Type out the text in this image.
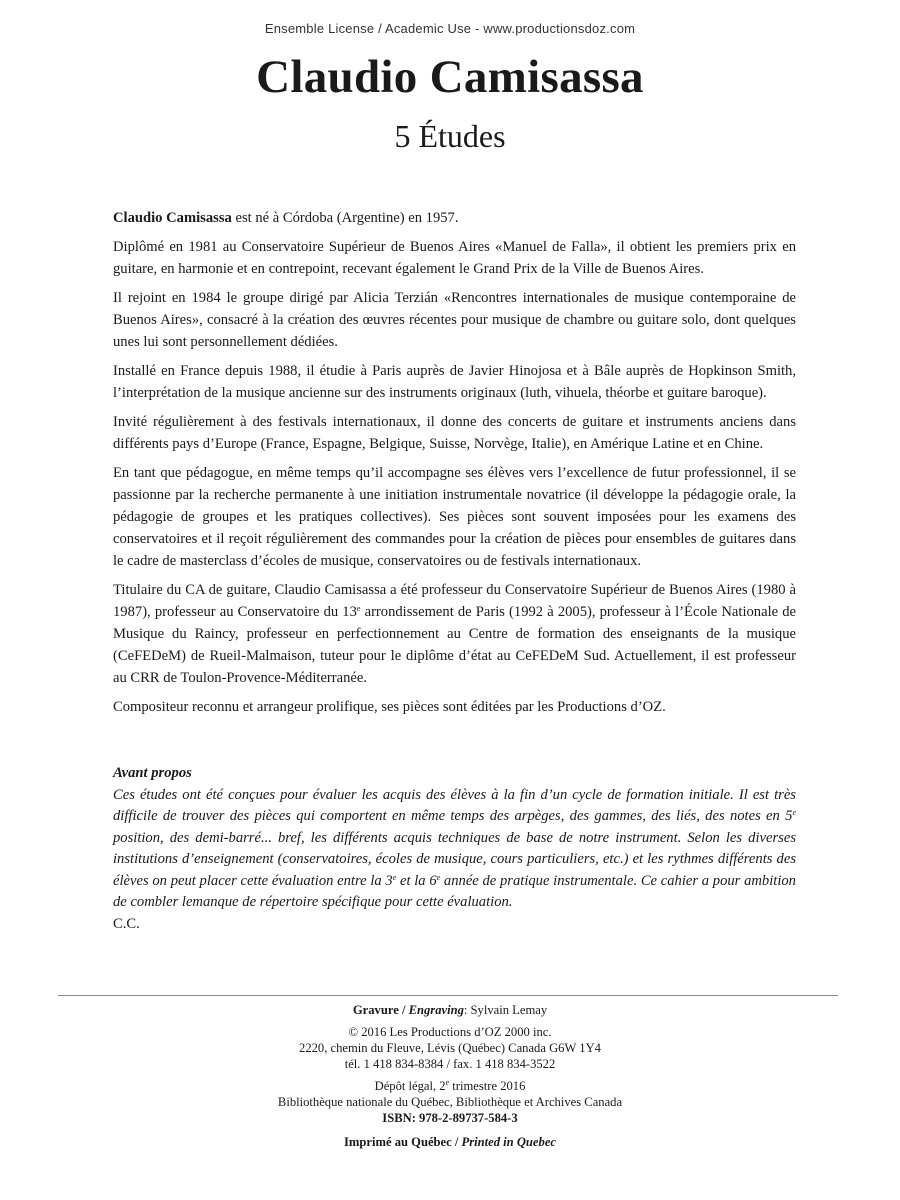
Ensemble License / Academic Use - www.productionsdoz.com
Claudio Camisassa
5 Études

Claudio Camisassa est né à Córdoba (Argentine) en 1957.

Diplômé en 1981 au Conservatoire Supérieur de Buenos Aires «Manuel de Falla», il obtient les premiers prix en guitare, en harmonie et en contrepoint, recevant également le Grand Prix de la Ville de Buenos Aires.

Il rejoint en 1984 le groupe dirigé par Alicia Terzián «Rencontres internationales de musique contemporaine de Buenos Aires», consacré à la création des œuvres récentes pour musique de chambre ou guitare solo, dont quelques unes lui sont personnellement dédiées.

Installé en France depuis 1988, il étudie à Paris auprès de Javier Hinojosa et à Bâle auprès de Hopkinson Smith, l’interprétation de la musique ancienne sur des instruments originaux (luth, vihuela, théorbe et guitare baroque).

Invité régulièrement à des festivals internationaux, il donne des concerts de guitare et instruments anciens dans différents pays d’Europe (France, Espagne, Belgique, Suisse, Norvège, Italie), en Amérique Latine et en Chine.

En tant que pédagogue, en même temps qu’il accompagne ses élèves vers l’excellence de futur professionnel, il se passionne par la recherche permanente à une initiation instrumentale novatrice (il développe la pédagogie orale, la pédagogie de groupes et les pratiques collectives). Ses pièces sont souvent imposées pour les examens des conservatoires et il reçoit régulièrement des commandes pour la création de pièces pour ensembles de guitares dans le cadre de masterclass d’écoles de musique, conservatoires ou de festivals internationaux.

Titulaire du CA de guitare, Claudio Camisassa a été professeur du Conservatoire Supérieur de Buenos Aires (1980 à 1987), professeur au Conservatoire du 13e arrondissement de Paris (1992 à 2005), professeur à l’École Nationale de Musique du Raincy, professeur en perfectionnement au Centre de formation des enseignants de la musique (CeFEDeM) de Rueil-Malmaison, tuteur pour le diplôme d’état au CeFEDeM Sud. Actuellement, il est professeur au CRR de Toulon-Provence-Méditerranée.

Compositeur reconnu et arrangeur prolifique, ses pièces sont éditées par les Productions d’OZ.

Avant propos

Ces études ont été conçues pour évaluer les acquis des élèves à la fin d’un cycle de formation initiale. Il est très difficile de trouver des pièces qui comportent en même temps des arpèges, des gammes, des liés, des notes en 5e position, des demi-barré... bref, les différents acquis techniques de base de notre instrument. Selon les diverses institutions d’enseignement (conservatoires, écoles de musique, cours particuliers, etc.) et les rythmes différents des élèves on peut placer cette évaluation entre la 3e et la 6e année de pratique instrumentale. Ce cahier a pour ambition de combler lemanque de répertoire spécifique pour cette évaluation.

C.C.

Gravure / Engraving: Sylvain Lemay

© 2016 Les Productions d’OZ 2000 inc.

2220, chemin du Fleuve, Lévis (Québec) Canada G6W 1Y4

tél. 1 418 834-8384 / fax. 1 418 834-3522

Dépôt légal, 2e trimestre 2016

Bibliothèque nationale du Québec, Bibliothèque et Archives Canada

ISBN: 978-2-89737-584-3

Imprimé au Québec / Printed in Quebec
